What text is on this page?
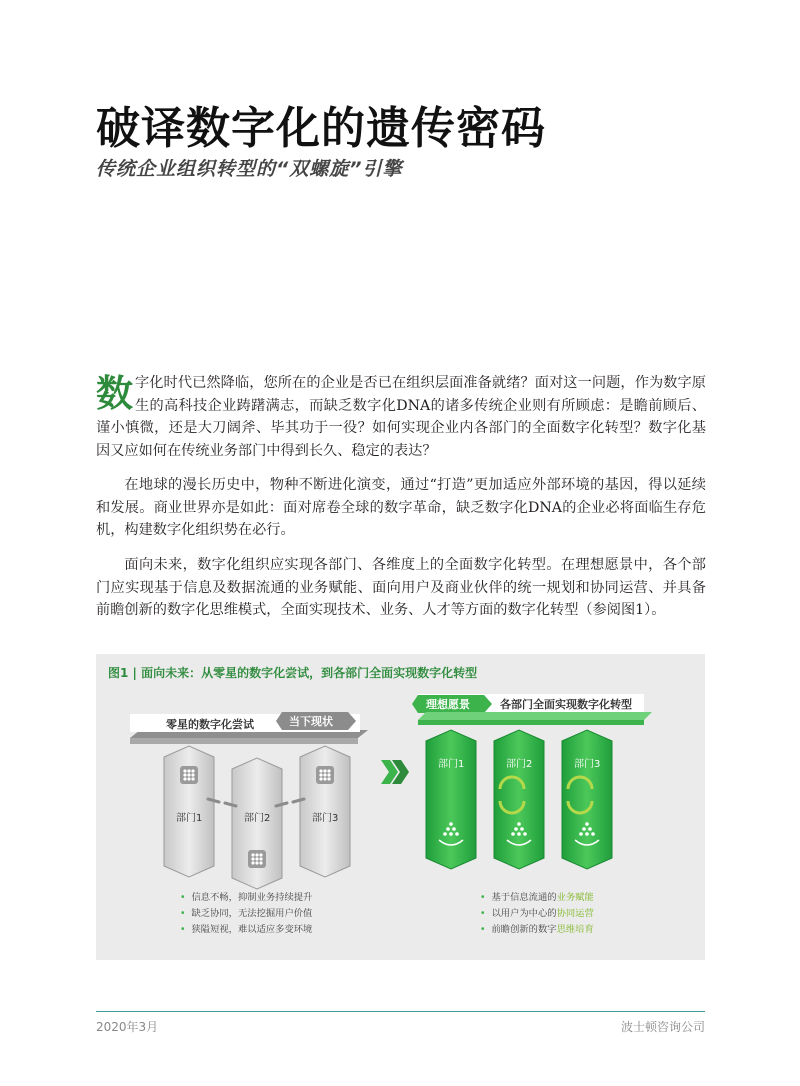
破译数字化的遗传密码
传统企业组织转型的“双螺旋”引擎

数字化时代已然降临，您所在的企业是否已在组织层面准备就绪？面对这一问题，作为数字原生的高科技企业踌躇满志，而缺乏数字化DNA的诸多传统企业则有所顾虑：是瞻前顾后、谨小慎微，还是大刀阔斧、毕其功于一役？如何实现企业内各部门的全面数字化转型？数字化基因又应如何在传统业务部门中得到长久、稳定的表达？

在地球的漫长历史中，物种不断进化演变，通过“打造”更加适应外部环境的基因，得以延续和发展。商业世界亦是如此：面对席卷全球的数字革命，缺乏数字化DNA的企业必将面临生存危机，构建数字化组织势在必行。

面向未来，数字化组织应实现各部门、各维度上的全面数字化转型。在理想愿景中，各个部门应实现基于信息及数据流通的业务赋能、面向用户及商业伙伴的统一规划和协同运营、并具备前瞻创新的数字化思维模式，全面实现技术、业务、人才等方面的数字化转型（参阅图1）。

零星的数字化尝试	当下现状
部门1	部门2	部门3
理想愿景	各部门全面实现数字化转型
部门1	部门2	部门3

图1 | 面向未来：从零星的数字化尝试，到各部门全面实现数字化转型

• 信息不畅，抑制业务持续提升
• 缺乏协同，无法挖掘用户价值
• 狭隘短视，难以适应多变环境
• 基于信息流通的业务赋能
• 以用户为中心的协同运营
• 前瞻创新的数字思维培育
2020年3月	波士顿咨询公司
